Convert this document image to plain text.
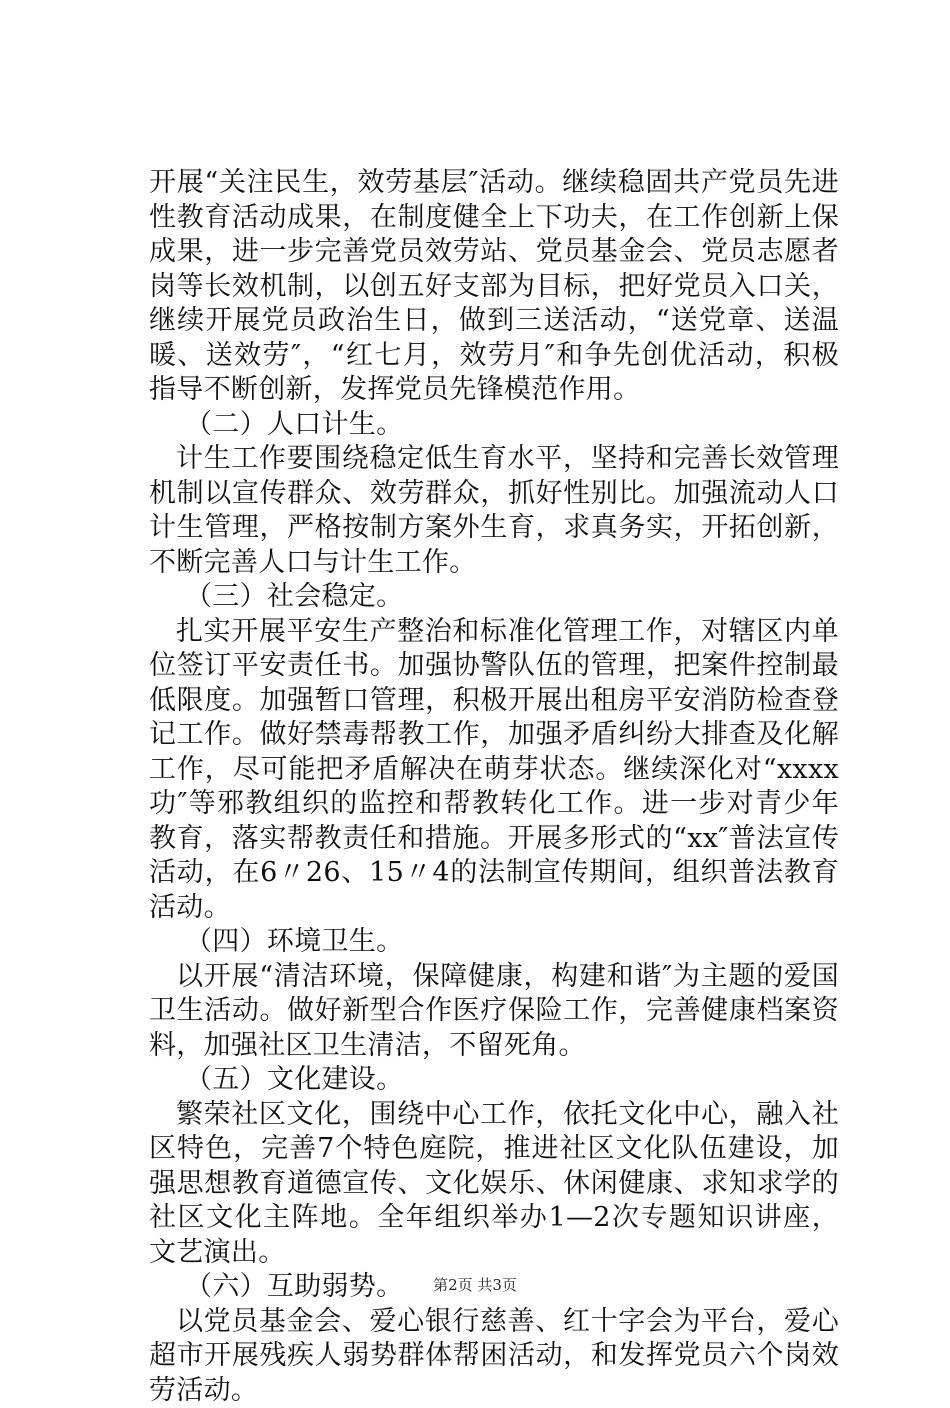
开展“关注民生，效劳基层″活动。继续稳固共产党员先进性教育活动成果，在制度健全上下功夫，在工作创新上保成果，进一步完善党员效劳站、党员基金会、党员志愿者岗等长效机制，以创五好支部为目标，把好党员入口关，继续开展党员政治生日，做到三送活动，“送党章、送温暖、送效劳″，“红七月，效劳月″和争先创优活动，积极指导不断创新，发挥党员先锋模范作用。

（二）人口计生。

计生工作要围绕稳定低生育水平，坚持和完善长效管理机制以宣传群众、效劳群众，抓好性别比。加强流动人口计生管理，严格按制方案外生育，求真务实，开拓创新，不断完善人口与计生工作。

（三）社会稳定。

扎实开展平安生产整治和标准化管理工作，对辖区内单位签订平安责任书。加强协警队伍的管理，把案件控制最低限度。加强暂口管理，积极开展出租房平安消防检查登记工作。做好禁毒帮教工作，加强矛盾纠纷大排查及化解工作，尽可能把矛盾解决在萌芽状态。继续深化对“xxxx功″等邪教组织的监控和帮教转化工作。进一步对青少年教育，落实帮教责任和措施。开展多形式的“xx″普法宣传活动，在6〃26、15〃4的法制宣传期间，组织普法教育活动。

（四）环境卫生。

以开展“清洁环境，保障健康，构建和谐″为主题的爱国卫生活动。做好新型合作医疗保险工作，完善健康档案资料，加强社区卫生清洁，不留死角。

（五）文化建设。

繁荣社区文化，围绕中心工作，依托文化中心，融入社区特色，完善7个特色庭院，推进社区文化队伍建设，加强思想教育道德宣传、文化娱乐、休闲健康、求知求学的社区文化主阵地。全年组织举办1—2次专题知识讲座，文艺演出。

（六）互助弱势。

以党员基金会、爱心银行慈善、红十字会为平台，爱心超市开展残疾人弱势群体帮困活动，和发挥党员六个岗效劳活动。

第2页 共3页
